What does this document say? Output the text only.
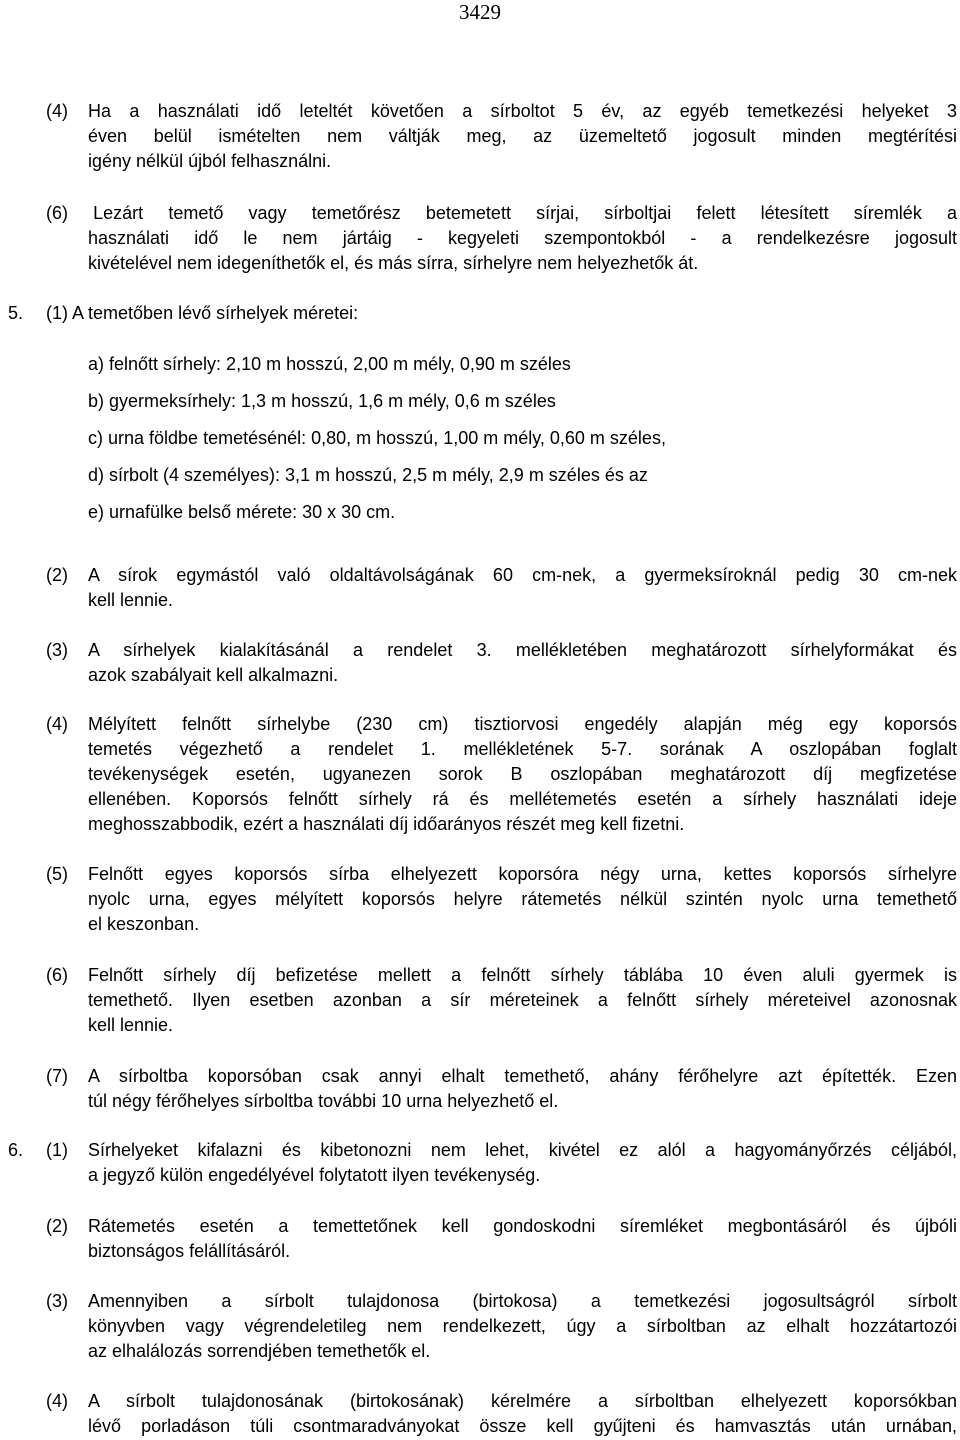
3429
(4) Ha a használati idő leteltét követően a sírboltot 5 év, az egyéb temetkezési helyeket 3
éven belül ismételten nem váltják meg, az üzemeltető jogosult minden megtérítési
igény nélkül újból felhasználni.
(6) Lezárt temető vagy temetőrész betemetett sírjai, sírboltjai felett létesített síremlék a
használati idő le nem jártáig - kegyeleti szempontokból - a rendelkezésre jogosult
kivételével nem idegeníthetők el, és más sírra, sírhelyre nem helyezhetők át.
5. (1) A temetőben lévő sírhelyek méretei:
a) felnőtt sírhely: 2,10 m hosszú, 2,00 m mély, 0,90 m széles
b) gyermeksírhely: 1,3 m hosszú, 1,6 m mély, 0,6 m széles
c) urna földbe temetésénél: 0,80, m hosszú, 1,00 m mély, 0,60 m széles,
d) sírbolt (4 személyes): 3,1 m hosszú, 2,5 m mély, 2,9 m széles és az
e) urnafülke belső mérete: 30 x 30 cm.
(2) A sírok egymástól való oldaltávolságának 60 cm-nek, a gyermeksíroknál pedig 30 cm-nek
kell lennie.
(3) A sírhelyek kialakításánál a rendelet 3. mellékletében meghatározott sírhelyformákat és
azok szabályait kell alkalmazni.
(4) Mélyített felnőtt sírhelybe (230 cm) tisztiorvosi engedély alapján még egy koporsós
temetés végezhető a rendelet 1. mellékletének 5-7. sorának A oszlopában foglalt
tevékenységek esetén, ugyanezen sorok B oszlopában meghatározott díj megfizetése
ellenében. Koporsós felnőtt sírhely rá és mellétemetés esetén a sírhely használati ideje
meghosszabbodik, ezért a használati díj időarányos részét meg kell fizetni.
(5) Felnőtt egyes koporsós sírba elhelyezett koporsóra négy urna, kettes koporsós sírhelyre
nyolc urna, egyes mélyített koporsós helyre rátemetés nélkül szintén nyolc urna temethető
el keszonban.
(6) Felnőtt sírhely díj befizetése mellett a felnőtt sírhely táblába 10 éven aluli gyermek is
temethető. Ilyen esetben azonban a sír méreteinek a felnőtt sírhely méreteivel azonosnak
kell lennie.
(7) A sírboltba koporsóban csak annyi elhalt temethető, ahány férőhelyre azt építették. Ezen
túl négy férőhelyes sírboltba további 10 urna helyezhető el.
6. (1) Sírhelyeket kifalazni és kibetonozni nem lehet, kivétel ez alól a hagyományőrzés céljából,
a jegyző külön engedélyével folytatott ilyen tevékenység.
(2) Rátemetés esetén a temettetőnek kell gondoskodni síremléket megbontásáról és újbóli
biztonságos felállításáról.
(3) Amennyiben a sírbolt tulajdonosa (birtokosa) a temetkezési jogosultságról sírbolt
könyvben vagy végrendeletileg nem rendelkezett, úgy a sírboltban az elhalt hozzátartozói
az elhalálozás sorrendjében temethetők el.
(4) A sírbolt tulajdonosának (birtokosának) kérelmére a sírboltban elhelyezett koporsókban
lévő porladáson túli csontmaradványokat össze kell gyűjteni és hamvasztás után urnában,
